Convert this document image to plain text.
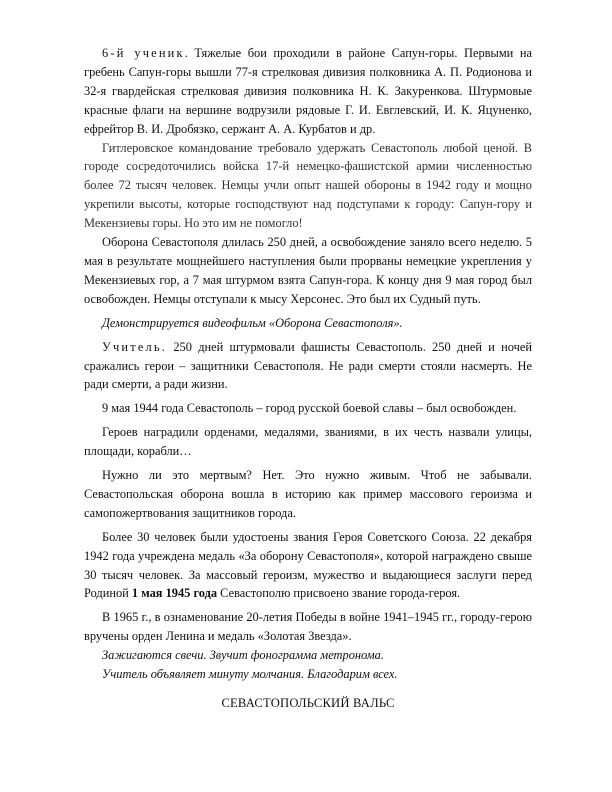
6-й ученик. Тяжелые бои проходили в районе Сапун-горы. Первыми на гребень Сапун-горы вышли 77-я стрелковая дивизия полковника А. П. Родионова и 32-я гвардейская стрелковая дивизия полковника Н. К. Закуренкова. Штурмовые красные флаги на вершине водрузили рядовые Г. И. Евглевский, И. К. Яцуненко, ефрейтор В. И. Дробязко, сержант А. А. Курбатов и др.

Гитлеровское командование требовало удержать Севастополь любой ценой. В городе сосредоточились войска 17-й немецко-фашистской армии численностью более 72 тысяч человек. Немцы учли опыт нашей обороны в 1942 году и мощно укрепили высоты, которые господствуют над подступами к городу: Сапун-гору и Мекензиевы горы. Но это им не помогло!

Оборона Севастополя длилась 250 дней, а освобождение заняло всего неделю. 5 мая в результате мощнейшего наступления были прорваны немецкие укрепления у Мекензиевых гор, а 7 мая штурмом взята Сапун-гора. К концу дня 9 мая город был освобожден. Немцы отступали к мысу Херсонес. Это был их Судный путь.

Демонстрируется видеофильм «Оборона Севастополя».

Учитель. 250 дней штурмовали фашисты Севастополь. 250 дней и ночей сражались герои – защитники Севастополя. Не ради смерти стояли насмерть. Не ради смерти, а ради жизни.

9 мая 1944 года Севастополь – город русской боевой славы – был освобожден.

Героев наградили орденами, медалями, званиями, в их честь назвали улицы, площади, корабли…

Нужно ли это мертвым? Нет. Это нужно живым. Чтоб не забывали. Севастопольская оборона вошла в историю как пример массового героизма и самопожертвования защитников города.

Более 30 человек были удостоены звания Героя Советского Союза. 22 декабря 1942 года учреждена медаль «За оборону Севастополя», которой награждено свыше 30 тысяч человек. За массовый героизм, мужество и выдающиеся заслуги перед Родиной 1 мая 1945 года Севастополю присвоено звание города-героя.

В 1965 г., в ознаменование 20-летия Победы в войне 1941–1945 гг., городу-герою вручены орден Ленина и медаль «Золотая Звезда».

Зажигаются свечи. Звучит фонограмма метронома.

Учитель объявляет минуту молчания. Благодарим всех.

СЕВАСТОПОЛЬСКИЙ ВАЛЬС
